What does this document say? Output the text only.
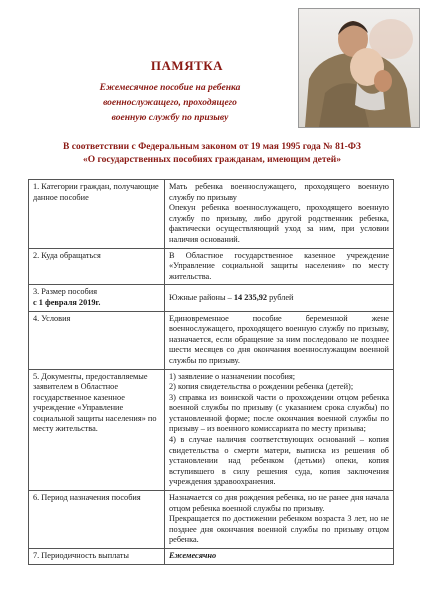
ПАМЯТКА
Ежемесячное пособие на ребенка
военнослужащего, проходящего
военную службу по призыву
В соответствии с Федеральным законом от 19 мая 1995 года № 81-ФЗ
«О государственных пособиях гражданам, имеющим детей»
1. Категории граждан, получающие данное пособие	Мать ребенка военнослужащего, проходящего военную службу по призыву
Опекун ребенка военнослужащего, проходящего военную службу по призыву, либо другой родственник ребенка, фактически осуществляющий уход за ним, при условии наличия оснований.

2. Куда обращаться	В Областное государственное казенное учреждение «Управление социальной защиты населения» по месту жительства.

3. Размер пособия
с 1 февраля 2019г.	Южные районы – 14 235,92 рублей
4. Условия	Единовременное пособие беременной жене военнослужащего, проходящего военную службу по призыву, назначается, если обращение за ним последовало не позднее шести месяцев со дня окончания военнослужащим военной службы по призыву.

5. Документы, предоставляемые заявителем в Областное государственное казенное учреждение «Управление социальной защиты населения» по месту жительства.	1) заявление о назначении пособия;
2) копия свидетельства о рождении ребенка (детей);
3) справка из воинской части о прохождении отцом ребенка военной службы по призыву (с указанием срока службы) по установленной форме; после окончания военной службы по призыву – из военного комиссариата по месту призыва;
4) в случае наличия соответствующих оснований – копия свидетельства о смерти матери, выписка из решения об установлении над ребенком (детьми) опеки, копия вступившего в силу решения суда, копия заключения учреждения здравоохранения.

6. Период назначения пособия	Назначается со дня рождения ребенка, но не ранее дня начала отцом ребенка военной службы по призыву.
Прекращается по достижении ребенком возраста 3 лет, но не позднее дня окончания военной службы по призыву отцом ребенка.

7. Периодичность выплаты	Ежемесячно
